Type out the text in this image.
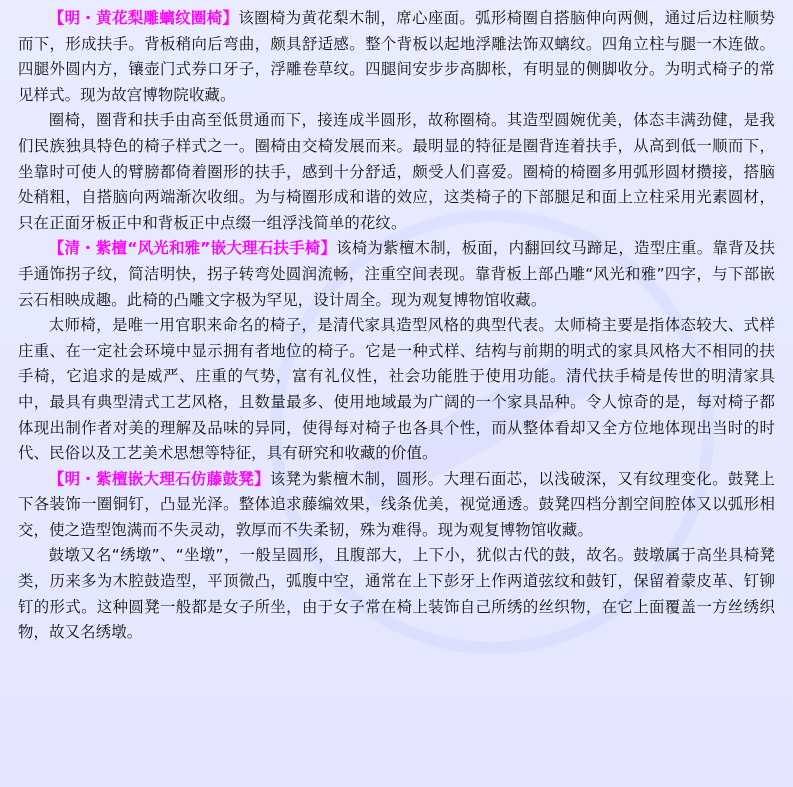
【明・黄花梨雕螭纹圈椅】该圈椅为黄花梨木制，席心座面。弧形椅圈自搭脑伸向两侧，通过后边柱顺势而下，形成扶手。背板稍向后弯曲，颇具舒适感。整个背板以起地浮雕法饰双螭纹。四角立柱与腿一木连做。四腿外圆内方，镶壶门式券口牙子，浮雕卷草纹。四腿间安步步高脚枨，有明显的侧脚收分。为明式椅子的常见样式。现为故宫博物院收藏。

圈椅，圈背和扶手由高至低贯通而下，接连成半圆形，故称圈椅。其造型圆婉优美，体态丰满劲健，是我们民族独具特色的椅子样式之一。圈椅由交椅发展而来。最明显的特征是圈背连着扶手，从高到低一顺而下，坐靠时可使人的臂膀都倚着圈形的扶手，感到十分舒适，颇受人们喜爱。圈椅的椅圈多用弧形圆材攒接，搭脑处稍粗，自搭脑向两端渐次收细。为与椅圈形成和谐的效应，这类椅子的下部腿足和面上立柱采用光素圆材，只在正面牙板正中和背板正中点缀一组浮浅简单的花纹。

【清・紫檀“风光和雅”嵌大理石扶手椅】该椅为紫檀木制，板面，内翻回纹马蹄足，造型庄重。靠背及扶手通饰拐子纹，简洁明快，拐子转弯处圆润流畅，注重空间表现。靠背板上部凸雕“风光和雅”四字，与下部嵌云石相映成趣。此椅的凸雕文字极为罕见，设计周全。现为观复博物馆收藏。

太师椅，是唯一用官职来命名的椅子，是清代家具造型风格的典型代表。太师椅主要是指体态较大、式样庄重、在一定社会环境中显示拥有者地位的椅子。它是一种式样、结构与前期的明式的家具风格大不相同的扶手椅，它追求的是威严、庄重的气势，富有礼仪性，社会功能胜于使用功能。清代扶手椅是传世的明清家具中，最具有典型清式工艺风格，且数量最多、使用地域最为广阔的一个家具品种。令人惊奇的是，每对椅子都体现出制作者对美的理解及品味的异同，使得每对椅子也各具个性，而从整体看却又全方位地体现出当时的时代、民俗以及工艺美术思想等特征，具有研究和收藏的价值。

【明・紫檀嵌大理石仿藤鼓凳】该凳为紫檀木制，圆形。大理石面芯，以浅破深，又有纹理变化。鼓凳上下各装饰一圈铜钉，凸显光泽。整体追求藤编效果，线条优美，视觉通透。鼓凳四档分割空间腔体又以弧形相交，使之造型饱满而不失灵动，敦厚而不失柔韧，殊为难得。现为观复博物馆收藏。

鼓墩又名“绣墩”、“坐墩”，一般呈圆形，且腹部大，上下小，犹似古代的鼓，故名。鼓墩属于高坐具椅凳类，历来多为木腔鼓造型，平顶微凸，弧腹中空，通常在上下彭牙上作两道弦纹和鼓钉，保留着蒙皮革、钉铆钉的形式。这种圆凳一般都是女子所坐，由于女子常在椅上装饰自己所绣的丝织物，在它上面覆盖一方丝绣织物，故又名绣墩。
